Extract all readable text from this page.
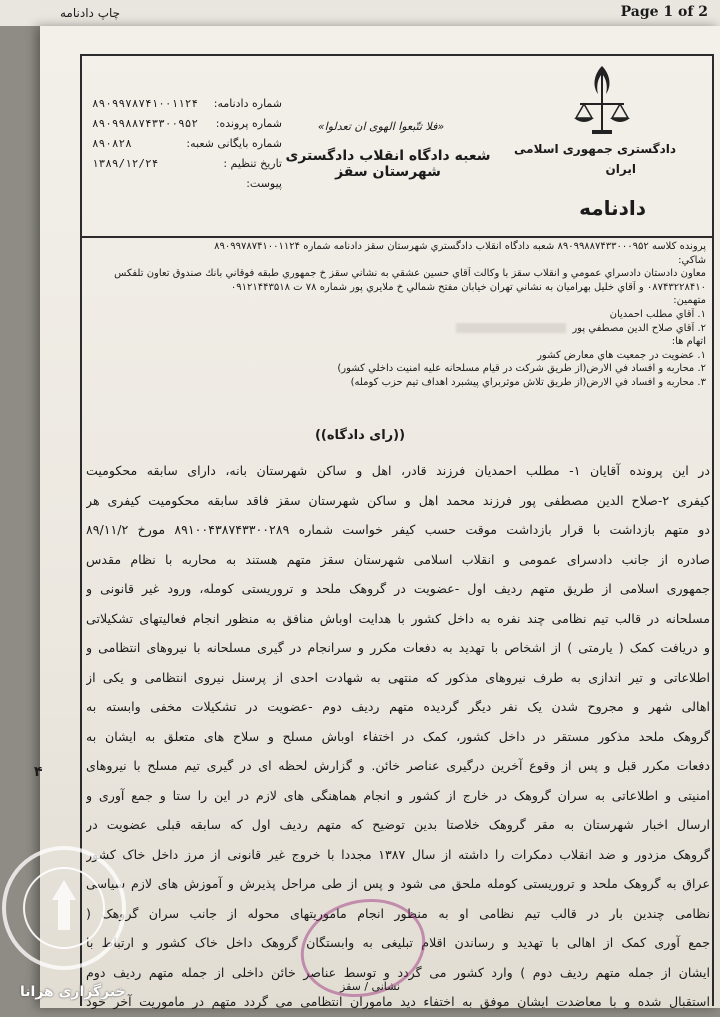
چاپ دادنامه	Page 1 of 2
دادگستری جمهوری اسلامی
ایران
دادنامه
«فلا تتّبعوا الهوی ان تعدلوا»
شعبه دادگاه انقلاب دادگستری شهرستان سقز
شماره دادنامه:
۸۹۰۹۹۷۸۷۴۱۰۰۱۱۲۴
شماره پرونده:
۸۹۰۹۹۸۸۷۴۳۳۰۰۹۵۲
شماره بایگانی شعبه:
۸۹۰۸۲۸
تاریخ تنظیم :
۱۳۸۹/۱۲/۲۴
پیوست:
پرونده کلاسه ۸۹۰۹۹۸۸۷۴۳۳۰۰۰۹۵۲ شعبه دادگاه انقلاب دادگستري شهرستان سقز دادنامه شماره ۸۹۰۹۹۷۸۷۴۱۰۰۱۱۲۴
شاکي:
معاون دادستان دادسراي عمومي و انقلاب سقز با وکالت آقاي حسين عشقي به نشاني سقز خ جمهوري طبقه فوقاني بانك صندوق تعاون تلفكس
۰۸۷۴۳۲۲۸۴۱۰ و آقاي خليل بهراميان به نشاني تهران خيابان مفتح شمالي خ ملايري پور شماره ۷۸ ت ۰۹۱۲۱۴۴۳۵۱۸
متهمين:
۱. آقاي مطلب احمديان
۲. آقاي صلاح الدين مصطفي پور
اتهام ها:
۱. عضويت در جمعيت هاي معارض کشور
۲. محاربه و افساد في الارض(از طريق شرکت در قيام مسلحانه عليه امنيت داخلي کشور)
۳. محاربه و افساد في الارض(از طريق تلاش موثربراي پيشبرد اهداف تيم حزب کومله)
((رای دادگاه))
در این پرونده آقایان ۱- مطلب احمدیان فرزند قادر، اهل و ساکن شهرستان بانه، دارای سابقه محکومیت
کیفری ۲-صلاح الدین مصطفی پور فرزند محمد اهل و ساکن شهرستان سقز فاقد سابقه محکومیت کیفری هر
دو متهم بازداشت با قرار بازداشت موقت حسب کیفر خواست شماره ۸۹۱۰۰۴۳۸۷۴۳۳۰۰۲۸۹ مورخ ۸۹/۱۱/۲
صادره از جانب دادسرای عمومی و انقلاب اسلامی شهرستان سقز متهم هستند به محاربه با نظام مقدس
جمهوری اسلامی از طریق متهم ردیف اول -عضویت در گروهک ملحد و تروریستی کومله، ورود غیر قانونی و
مسلحانه در قالب تیم نظامی چند نفره به داخل کشور با هدایت اوباش منافق به منظور انجام فعالیتهای تشکیلاتی
و دریافت کمک ( یارمتی ) از اشخاص با تهدید به دفعات مکرر و سرانجام در گیری مسلحانه با نیروهای انتظامی و
اطلاعاتی و تیر اندازی به طرف نیروهای مذکور که منتهی به شهادت احدی از پرسنل نیروی انتظامی و یکی از
اهالی شهر و مجروح شدن یک نفر دیگر گردیده متهم ردیف دوم -عضویت در تشکیلات مخفی وابسته به
گروهک ملحد مذکور مستقر در داخل کشور، کمک در اختفاء اوباش مسلح و سلاح های متعلق به ایشان به
دفعات مکرر قبل و پس از وقوع آخرین درگیری عناصر خائن. و گزارش لحظه ای در گیری تیم مسلح با نیروهای
امنیتی و اطلاعاتی به سران گروهک در خارج از کشور و انجام هماهنگی های لازم در این را ستا و جمع آوری و
ارسال اخبار شهرستان به مقر گروهک خلاصتا بدین توضیح که متهم ردیف اول که سابقه قبلی عضویت در
گروهک مزدور و ضد انقلاب دمکرات را داشته از سال ۱۳۸۷ مجددا با خروج غیر قانونی از مرز داخل خاک کشور
عراق به گروهک ملحد و تروریستی کومله ملحق می شود و پس از طی مراحل پذیرش و آموزش های لازم سیاسی
نظامی چندین بار در قالب تیم نظامی او به منظور انجام ماموریتهای محوله از جانب سران گروهک (
جمع آوری کمک از اهالی با تهدید و رساندن اقلام تبلیغی به وابستگان گروهک داخل خاک کشور و ارتباط با
ایشان از جمله متهم ردیف دوم ) وارد کشور می گردد و توسط عناصر خائن داخلی از جمله متهم ردیف دوم
استقبال شده و با معاضدت ایشان موفق به اختفاء دید ماموران انتظامی می گردد متهم در ماموریت آخر خود
۴
نشانی / سقز
خبرگزاری هرانا
